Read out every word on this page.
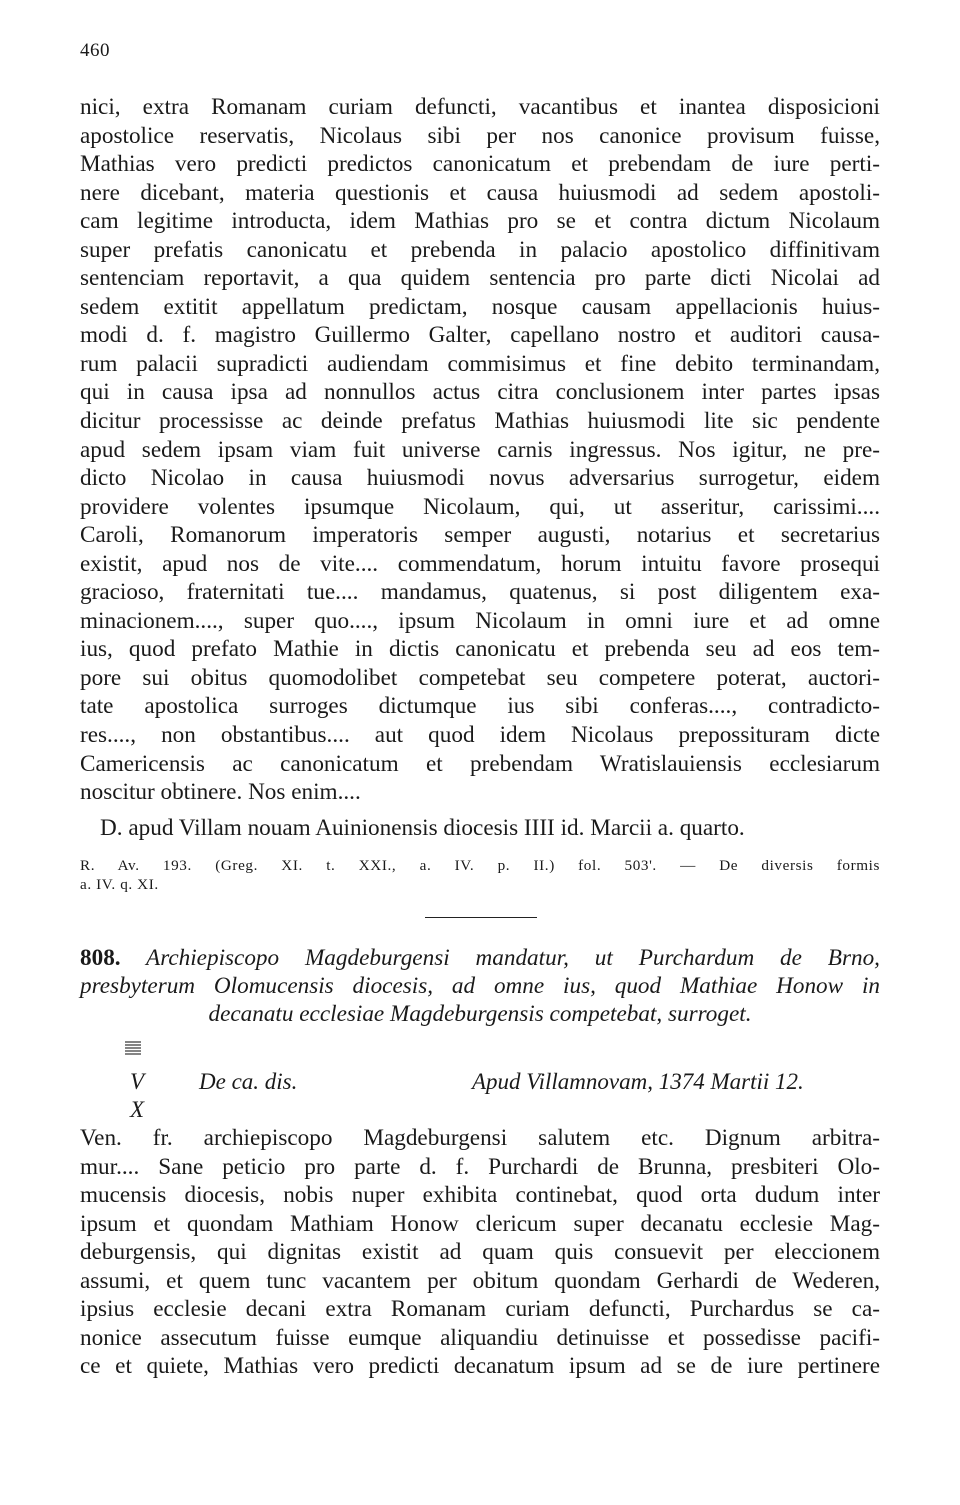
460
nici, extra Romanam curiam defuncti, vacantibus et inantea disposicioni
apostolice reservatis, Nicolaus sibi per nos canonice provisum fuisse,
Mathias vero predicti predictos canonicatum et prebendam de iure perti-
nere dicebant, materia questionis et causa huiusmodi ad sedem apostoli-
cam legitime introducta, idem Mathias pro se et contra dictum Nicolaum
super prefatis canonicatu et prebenda in palacio apostolico diffinitivam
sentenciam reportavit, a qua quidem sentencia pro parte dicti Nicolai ad
sedem extitit appellatum predictam, nosque causam appellacionis huius-
modi d. f. magistro Guillermo Galter, capellano nostro et auditori causa-
rum palacii supradicti audiendam commisimus et fine debito terminandam,
qui in causa ipsa ad nonnullos actus citra conclusionem inter partes ipsas
dicitur processisse ac deinde prefatus Mathias huiusmodi lite sic pendente
apud sedem ipsam viam fuit universe carnis ingressus. Nos igitur, ne pre-
dicto Nicolao in causa huiusmodi novus adversarius surrogetur, eidem
providere volentes ipsumque Nicolaum, qui, ut asseritur, carissimi....
Caroli, Romanorum imperatoris semper augusti, notarius et secretarius
existit, apud nos de vite.... commendatum, horum intuitu favore prosequi
gracioso, fraternitati tue.... mandamus, quatenus, si post diligentem exa-
minacionem...., super quo...., ipsum Nicolaum in omni iure et ad omne
ius, quod prefato Mathie in dictis canonicatu et prebenda seu ad eos tem-
pore sui obitus quomodolibet competebat seu competere poterat, auctori-
tate apostolica surroges dictumque ius sibi conferas...., contradicto-
res...., non obstantibus.... aut quod idem Nicolaus prepossituram dicte
Camericensis ac canonicatum et prebendam Wratislauiensis ecclesiarum
noscitur obtinere. Nos enim....
D. apud Villam nouam Auinionensis diocesis IIII id. Marcii a. quarto.
R. Av. 193. (Greg. XI. t. XXI., a. IV. p. II.) fol. 503'. — De diversis formis
a. IV. q. XI.
808. Archiepiscopo Magdeburgensi mandatur, ut Purchardum de Brno,
presbyterum Olomucensis diocesis, ad omne ius, quod Mathiae Honow in
decanatu ecclesiae Magdeburgensis competebat, surroget.
V
X
De ca. dis.	Apud Villamnovam, 1374 Martii 12.
Ven. fr. archiepiscopo Magdeburgensi salutem etc. Dignum arbitra-
mur.... Sane peticio pro parte d. f. Purchardi de Brunna, presbiteri Olo-
mucensis diocesis, nobis nuper exhibita continebat, quod orta dudum inter
ipsum et quondam Mathiam Honow clericum super decanatu ecclesie Mag-
deburgensis, qui dignitas existit ad quam quis consuevit per eleccionem
assumi, et quem tunc vacantem per obitum quondam Gerhardi de Wederen,
ipsius ecclesie decani extra Romanam curiam defuncti, Purchardus se ca-
nonice assecutum fuisse eumque aliquandiu detinuisse et possedisse pacifi-
ce et quiete, Mathias vero predicti decanatum ipsum ad se de iure pertinere
